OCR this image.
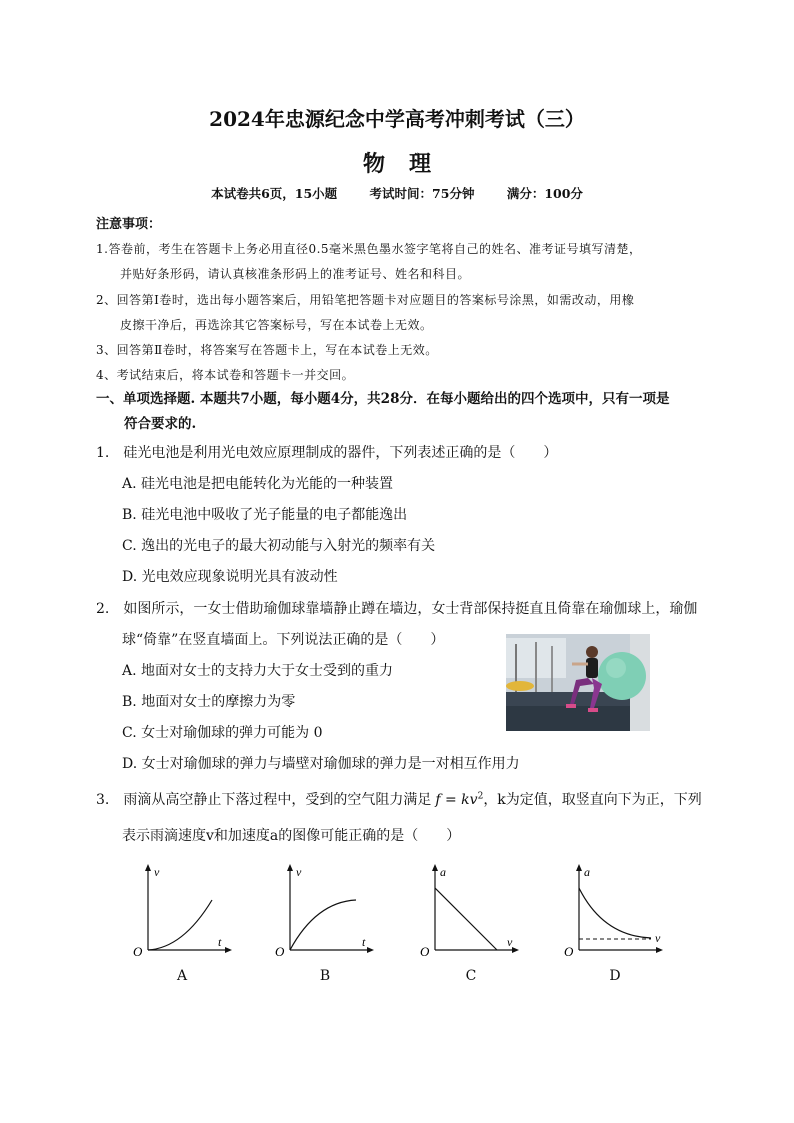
2024年忠源纪念中学高考冲刺考试（三）
物 理
本试卷共6页，15小题	考试时间：75分钟	满分：100分
注意事项：
1.答卷前，考生在答题卡上务必用直径0.5毫米黑色墨水签字笔将自己的姓名、准考证号填写清楚，
并贴好条形码，请认真核准条形码上的准考证号、姓名和科目。
2、回答第Ⅰ卷时，选出每小题答案后，用铅笔把答题卡对应题目的答案标号涂黑，如需改动，用橡
皮擦干净后，再选涂其它答案标号，写在本试卷上无效。
3、回答第Ⅱ卷时，将答案写在答题卡上，写在本试卷上无效。
4、考试结束后，将本试卷和答题卡一并交回。
一、单项选择题. 本题共7小题，每小题4分，共28分．在每小题给出的四个选项中，只有一项是
符合要求的.
1.　硅光电池是利用光电效应原理制成的器件，下列表述正确的是（　　）
A. 硅光电池是把电能转化为光能的一种装置
B. 硅光电池中吸收了光子能量的电子都能逸出
C. 逸出的光电子的最大初动能与入射光的频率有关
D. 光电效应现象说明光具有波动性
2.　如图所示，一女士借助瑜伽球靠墙静止蹲在墙边，女士背部保持挺直且倚靠在瑜伽球上，瑜伽
球“倚靠”在竖直墙面上。下列说法正确的是（　　）
A. 地面对女士的支持力大于女士受到的重力
B. 地面对女士的摩擦力为零
C. 女士对瑜伽球的弹力可能为 0
D. 女士对瑜伽球的弹力与墙壁对瑜伽球的弹力是一对相互作用力
3.　雨滴从高空静止下落过程中，受到的空气阻力满足 $f = kv^2$，k为定值，取竖直向下为正，下列
表示雨滴速度v和加速度a的图像可能正确的是（　　）
v
t
O
A
v
t
O
B
a
v
O
C
a
v
O
D
